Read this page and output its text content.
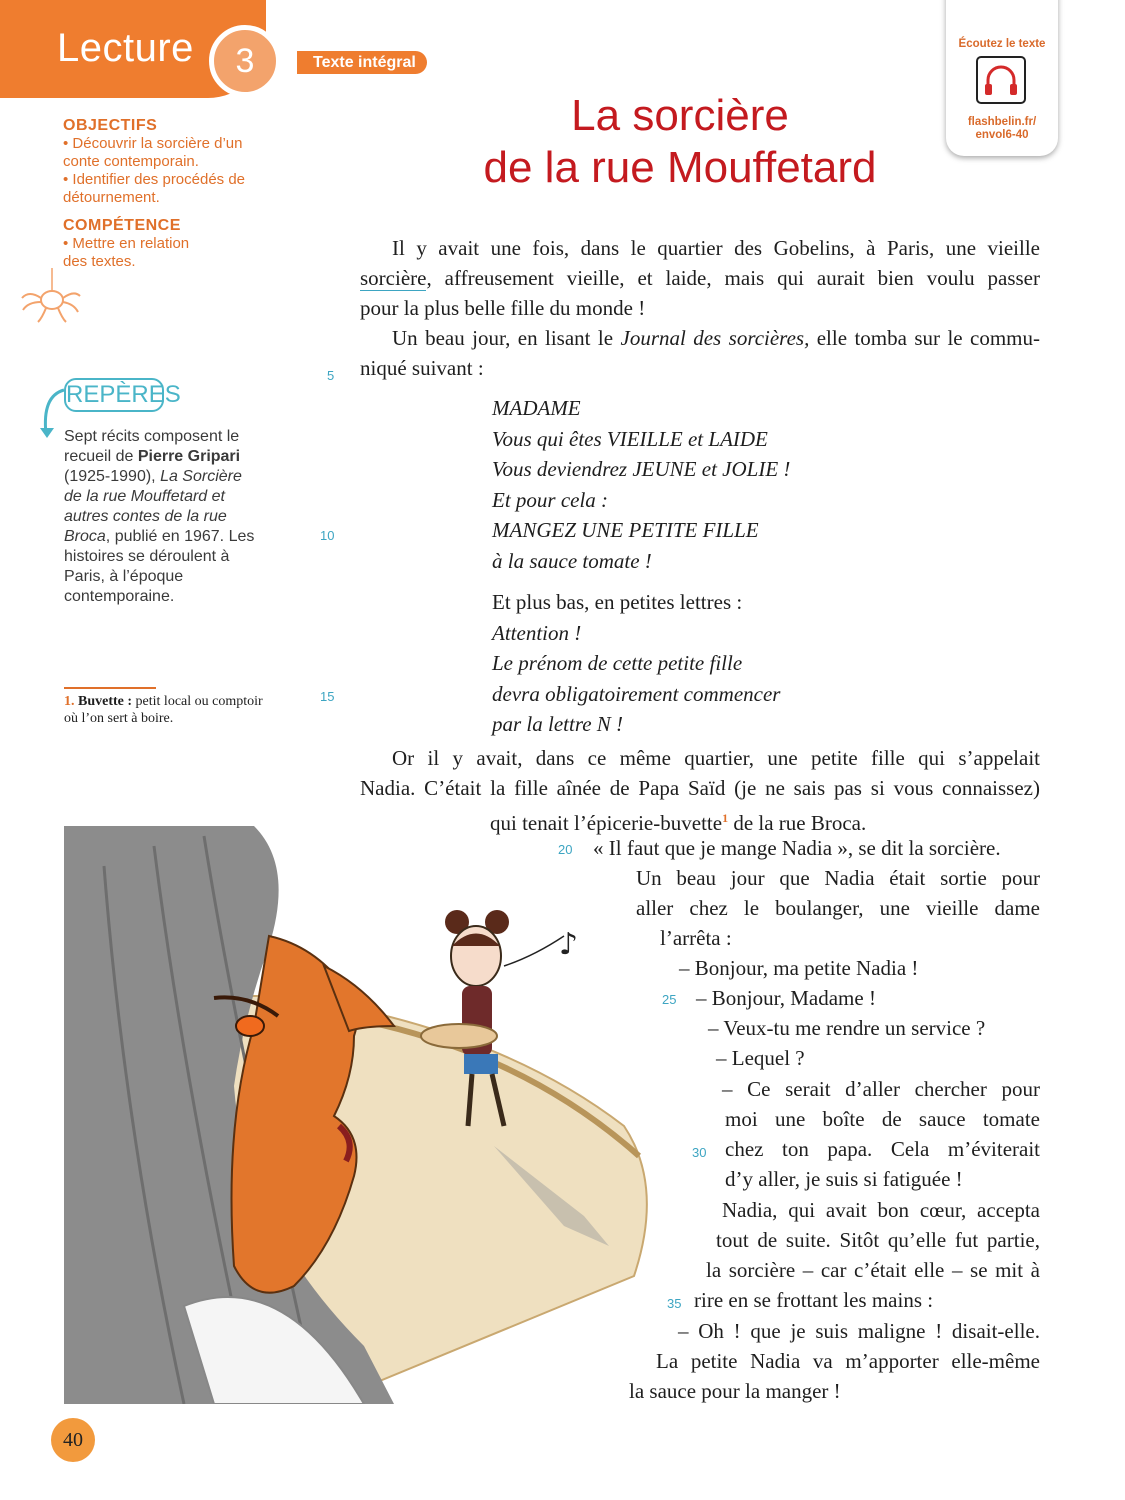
Lecture	3	Texte intégral
Écoutez le texte
flashbelin.fr/
envol6-40
La sorcière
de la rue Mouffetard
OBJECTIFS
• Découvrir la sorcière d’un
conte contemporain.
• Identifier des procédés de
détournement.
COMPÉTENCE
• Mettre en relation
des textes.
REPÈRES
Sept récits composent le recueil de Pierre Gripari (1925-1990), La Sorcière de la rue Mouffetard et autres contes de la rue Broca, publié en 1967. Les histoires se déroulent à Paris, à l’époque contemporaine.
1. Buvette : petit local ou comptoir où l’on sert à boire.
5
10
15
20
25
30
35
♪
Il y avait une fois, dans le quartier des Gobelins, à Paris, une vieille
sorcière, affreusement vieille, et laide, mais qui aurait bien voulu passer
pour la plus belle fille du monde !
Un beau jour, en lisant le Journal des sorcières, elle tomba sur le commu-
niqué suivant :
MADAME
Vous qui êtes VIEILLE et LAIDE
Vous deviendrez JEUNE et JOLIE !
Et pour cela :
MANGEZ UNE PETITE FILLE
à la sauce tomate !
Et plus bas, en petites lettres :
Attention !
Le prénom de cette petite fille
devra obligatoirement commencer
par la lettre N !
Or il y avait, dans ce même quartier, une petite fille qui s’appelait
Nadia. C’était la fille aînée de Papa Saïd (je ne sais pas si vous connaissez)
qui tenait l’épicerie-buvette$^1$ de la rue Broca.
« Il faut que je mange Nadia », se dit la sorcière.
Un beau jour que Nadia était sortie pour
aller chez le boulanger, une vieille dame
l’arrêta :
– Bonjour, ma petite Nadia !
– Bonjour, Madame !
– Veux-tu me rendre un service ?
– Lequel ?
– Ce serait d’aller chercher pour
moi une boîte de sauce tomate
chez ton papa. Cela m’éviterait
d’y aller, je suis si fatiguée !
Nadia, qui avait bon cœur, accepta
tout de suite. Sitôt qu’elle fut partie,
la sorcière – car c’était elle – se mit à
rire en se frottant les mains :
– Oh ! que je suis maligne ! disait-elle.
La petite Nadia va m’apporter elle-même
la sauce pour la manger !
40
